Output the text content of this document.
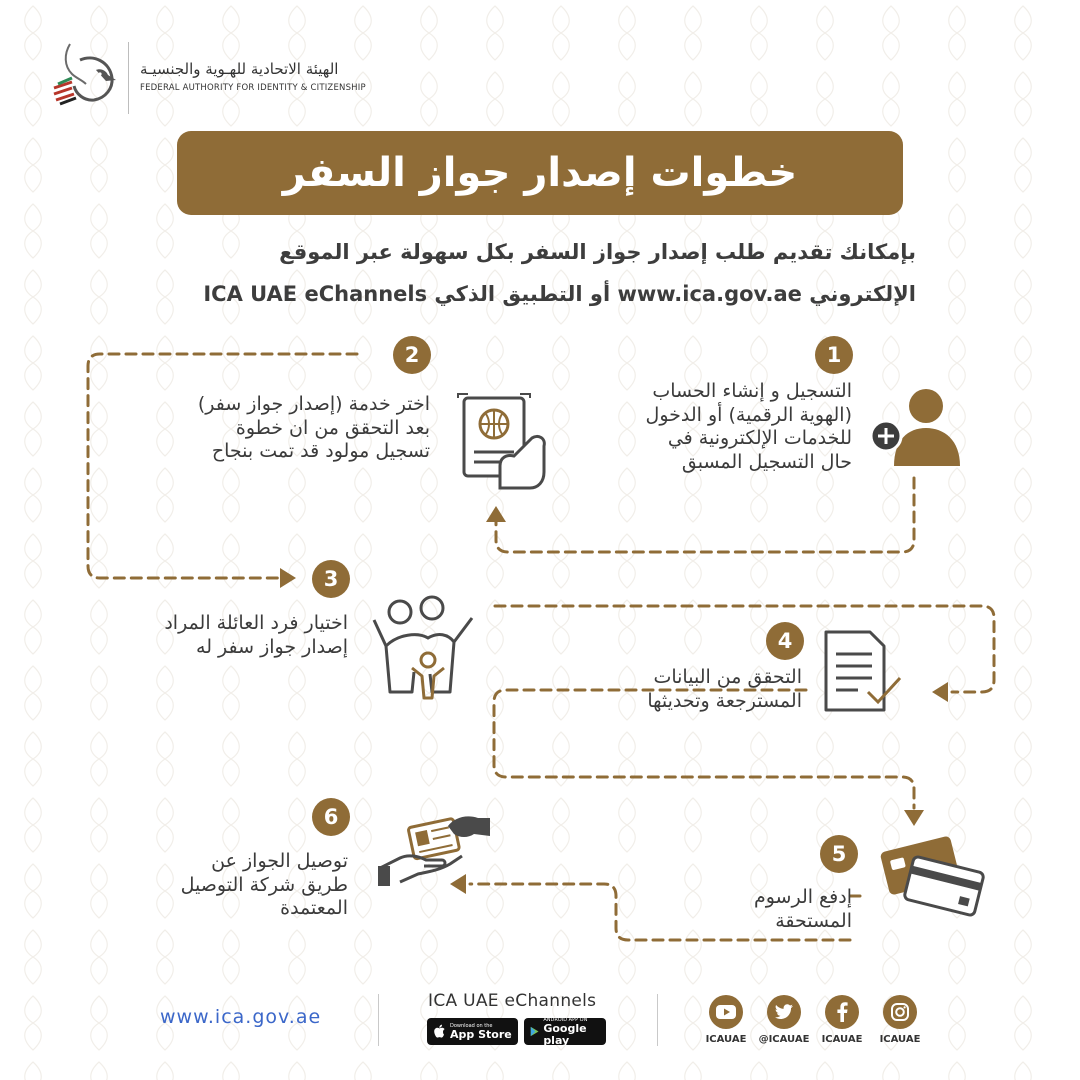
الهيئة الاتحادية للهـوية والجنسيـة
FEDERAL AUTHORITY FOR IDENTITY & CITIZENSHIP
خطوات إصدار جواز السفر
بإمكانك تقديم طلب إصدار جواز السفر بكل سهولة عبر الموقع
الإلكتروني www.ica.gov.ae أو التطبيق الذكي ICA UAE eChannels
1
2
3
4
5
6
التسجيل و إنشاء الحساب
(الهوية الرقمية) أو الدخول
للخدمات الإلكترونية في
حال التسجيل المسبق
اختر خدمة (إصدار جواز سفر)
بعد التحقق من ان خطوة
تسجيل مولود قد تمت بنجاح
اختيار فرد العائلة المراد
إصدار جواز سفر له
التحقق من البيانات
المسترجعة وتحديثها
إدفع الرسوم
المستحقة
توصيل الجواز عن
طريق شركة التوصيل
المعتمدة
www.ica.gov.ae
ICA UAE eChannels
Download on the
App Store
ANDROID APP ON
Google play	ICAUAE	@ICAUAE	ICAUAE	ICAUAE
